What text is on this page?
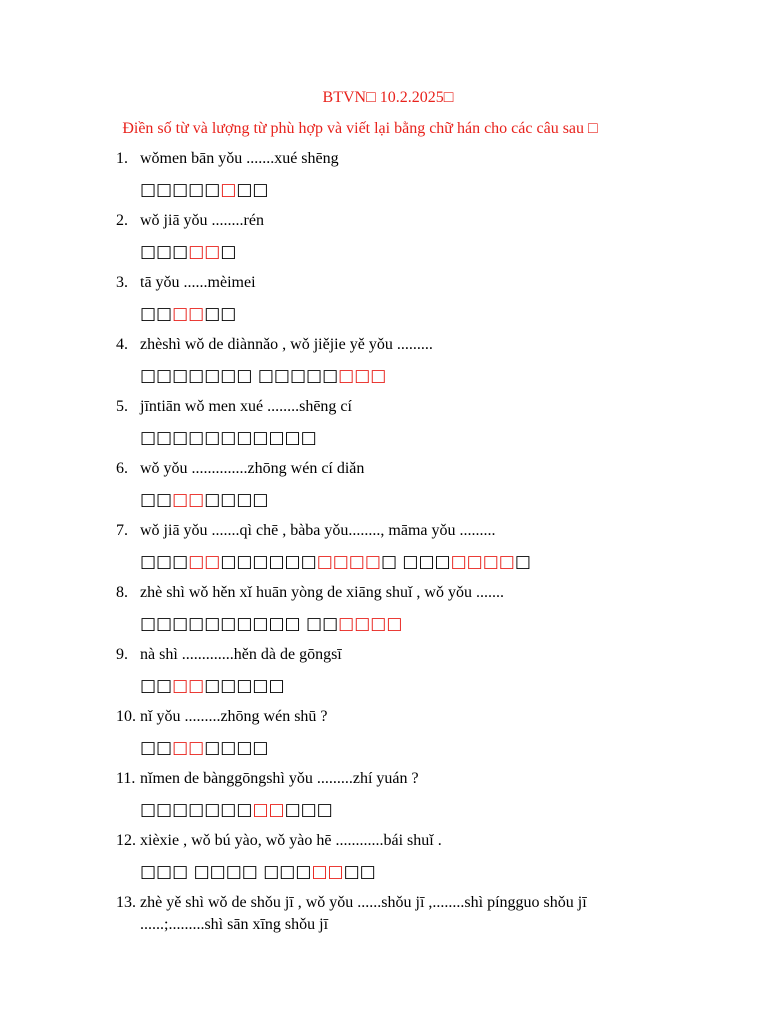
BTVN□ 10.2.2025□
Điền số từ và lượng từ phù hợp và viết lại bằng chữ hán cho các câu sau □
1. wǒmen bān yǒu .......xué shēng
□□□□□□□□
2. wǒ jiā yǒu ........rén
□□□□□□
3. tā yǒu ......mèimei
□□□□□□
4. zhèshì wǒ de diànnǎo , wǒ jiějie yě yǒu .........
□□□□□□□ □□□□□□□□
5. jīntiān wǒ men xué ........shēng cí
□□□□□□□□□□□
6. wǒ yǒu ..............zhōng wén cí diǎn
□□□□□□□□
7. wǒ jiā yǒu .......qì chē , bàba yǒu........, māma yǒu .........
□□□□□□□□□□□□□□□□ □□□□□□□□
8. zhè shì wǒ hěn xǐ huān yòng de xiāng shuǐ , wǒ yǒu .......
□□□□□□□□□□ □□□□□□
9. nà shì .............hěn dà de gōngsī
□□□□□□□□□
10. nǐ yǒu .........zhōng wén shū ?
□□□□□□□□
11. nǐmen de bànggōngshì yǒu .........zhí yuán ?
□□□□□□□□□□□□
12. xièxie , wǒ bú yào, wǒ yào hē ............bái shuǐ .
□□□ □□□□ □□□□□□□
13. zhè yě shì wǒ de shǒu jī , wǒ yǒu ......shǒu jī ,........shì píngguo shǒu jī ......;.........shì sān xīng shǒu jī
